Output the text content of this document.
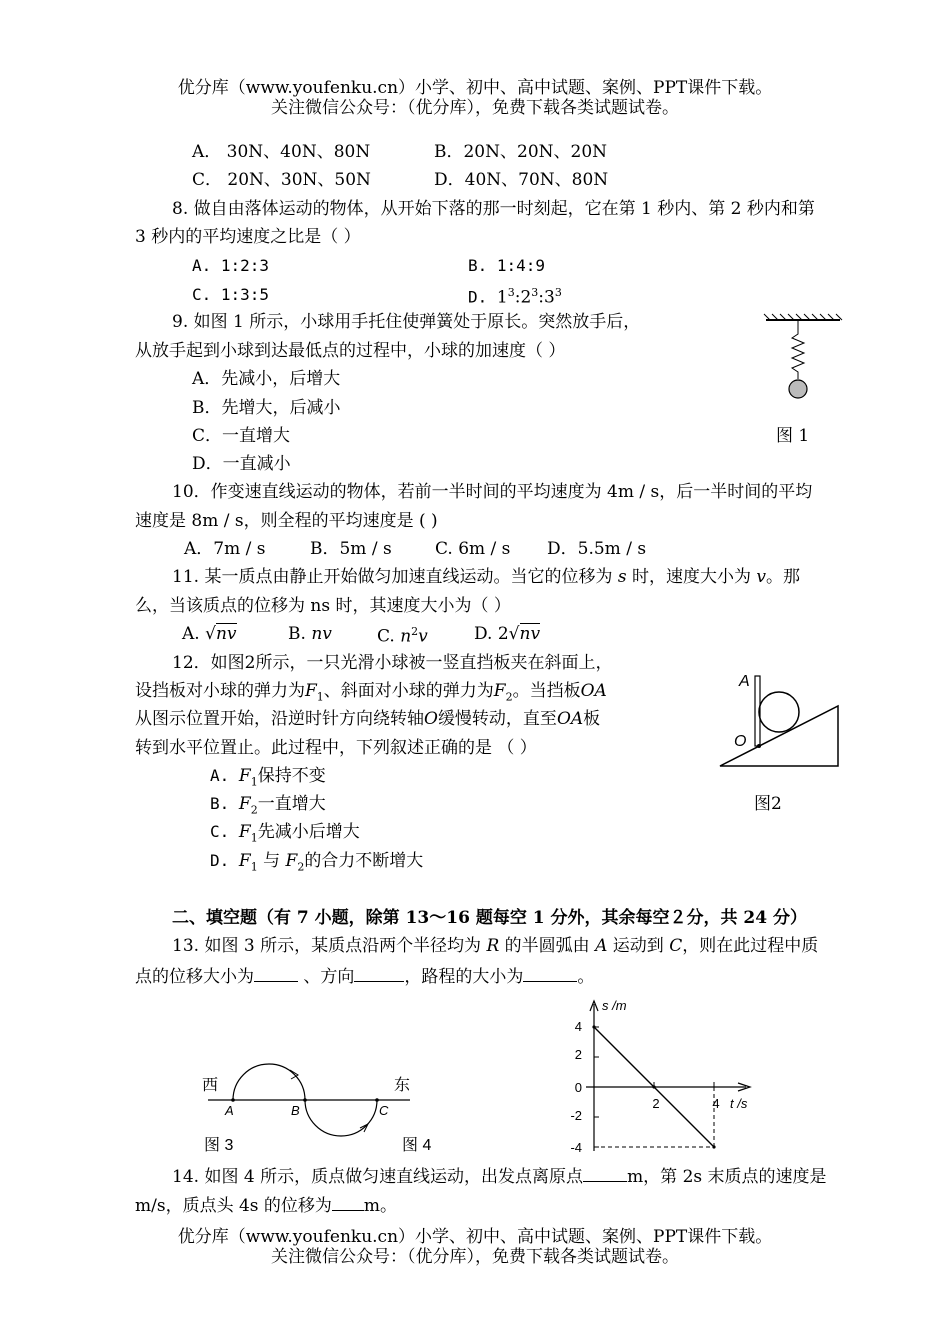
优分库（www.youfenku.cn）小学、初中、高中试题、案例、PPT课件下载。
关注微信公众号：（优分库），免费下载各类试题试卷。
A． 30N、40N、80N	B．20N、20N、20N
C． 20N、30N、50N	D．40N、70N、80N
8. 做自由落体运动的物体，从开始下落的那一时刻起，它在第 1 秒内、第 2 秒内和第
3 秒内的平均速度之比是（ ）
A. 1:2:3	B. 1:4:9
C. 1:3:5	D. $1^3:2^3:3^3$
9. 如图 1 所示，小球用手托住使弹簧处于原长。突然放手后，
从放手起到小球到达最低点的过程中，小球的加速度（ ）
A．先减小，后增大
B．先增大，后减小
C．一直增大
D．一直减小
图 1
10．作变速直线运动的物体，若前一半时间的平均速度为 4m / s，后一半时间的平均
速度是 8m / s，则全程的平均速度是 ( )
A．7m / s	B．5m / s	C. 6m / s D．5.5m / s
11. 某一质点由静止开始做匀加速直线运动。当它的位移为 s 时，速度大小为 v。那
么，当该质点的位移为 ns 时，其速度大小为（ ）
A. √nv	B. nv	C. $n^2v$	D. 2√nv
12．如图2所示，一只光滑小球被一竖直挡板夹在斜面上，
设挡板对小球的弹力为$F_1$、斜面对小球的弹力为$F_2$。当挡板OA
从图示位置开始，沿逆时针方向绕转轴O缓慢转动，直至OA板
转到水平位置止。此过程中，下列叙述正确的是 （ ）
A. $F_1$保持不变
B. $F_2$一直增大
C. $F_1$先减小后增大
D. $F_1$ 与 $F_2$的合力不断增大
A
O
图2
二、填空题（有 7 小题，除第 13～16 题每空 1 分外，其余每空２分，共 24 分）
13. 如图 3 所示，某质点沿两个半径均为 R 的半圆弧由 A 运动到 C，则在此过程中质
点的位移大小为	、方向	，路程的大小为	。
西	东
A	B	C
图 3	图 4
s /m
t /s
4
2
0
-2
-4
2	4
14. 如图 4 所示，质点做匀速直线运动，出发点离原点	m，第 2s 末质点的速度是
m/s，质点头 4s 的位移为 m。
优分库（www.youfenku.cn）小学、初中、高中试题、案例、PPT课件下载。
关注微信公众号：（优分库），免费下载各类试题试卷。
